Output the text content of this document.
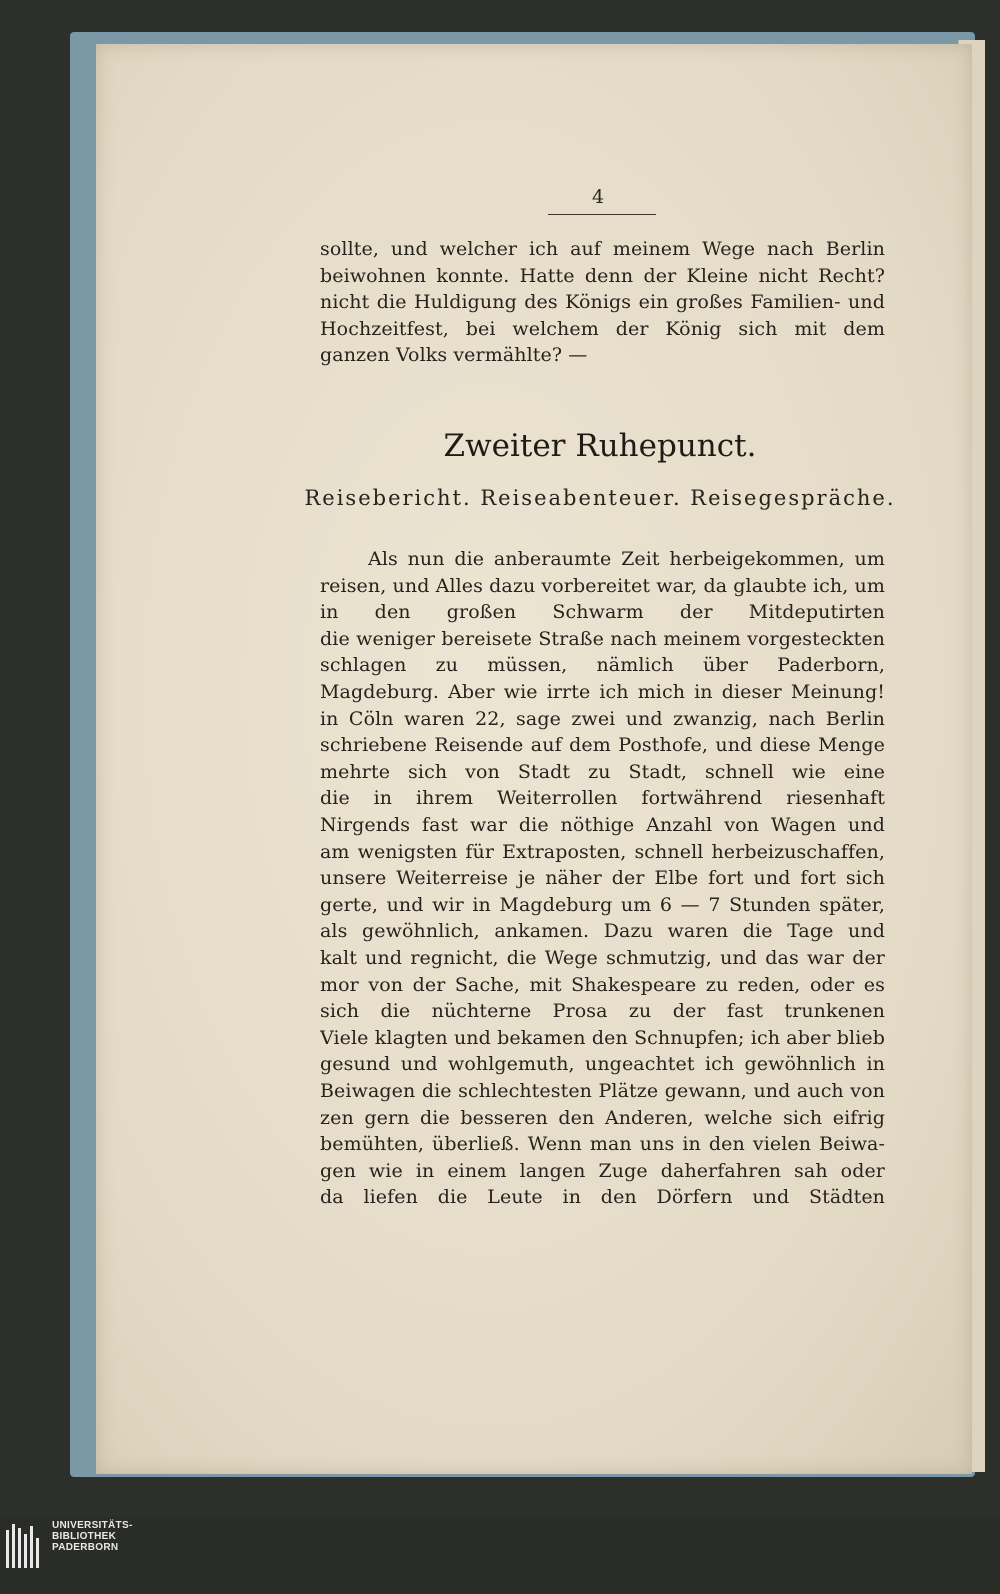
4
sollte, und welcher ich auf meinem Wege nach Berlin
beiwohnen konnte. Hatte denn der Kleine nicht Recht?
nicht die Huldigung des Königs ein großes Familien- und
Hochzeitfest, bei welchem der König sich mit dem
ganzen Volks vermählte? —
Zweiter Ruhepunct.
Reisebericht. Reiseabenteuer. Reisegespräche.
Als nun die anberaumte Zeit herbeigekommen, um
reisen, und Alles dazu vorbereitet war, da glaubte ich, um
in den großen Schwarm der Mitdeputirten
die weniger bereisete Straße nach meinem vorgesteckten
schlagen zu müssen, nämlich über Paderborn,
Magdeburg. Aber wie irrte ich mich in dieser Meinung!
in Cöln waren 22, sage zwei und zwanzig, nach Berlin
schriebene Reisende auf dem Posthofe, und diese Menge
mehrte sich von Stadt zu Stadt, schnell wie eine
die in ihrem Weiterrollen fortwährend riesenhaft
Nirgends fast war die nöthige Anzahl von Wagen und
am wenigsten für Extraposten, schnell herbeizuschaffen,
unsere Weiterreise je näher der Elbe fort und fort sich
gerte, und wir in Magdeburg um 6 — 7 Stunden später,
als gewöhnlich, ankamen. Dazu waren die Tage und
kalt und regnicht, die Wege schmutzig, und das war der
mor von der Sache, mit Shakespeare zu reden, oder es
sich die nüchterne Prosa zu der fast trunkenen
Viele klagten und bekamen den Schnupfen; ich aber blieb
gesund und wohlgemuth, ungeachtet ich gewöhnlich in
Beiwagen die schlechtesten Plätze gewann, und auch von
zen gern die besseren den Anderen, welche sich eifrig
bemühten, überließ. Wenn man uns in den vielen Beiwa-
gen wie in einem langen Zuge daherfahren sah oder
da liefen die Leute in den Dörfern und Städten
UNIVERSITÄTS-
BIBLIOTHEK
PADERBORN
